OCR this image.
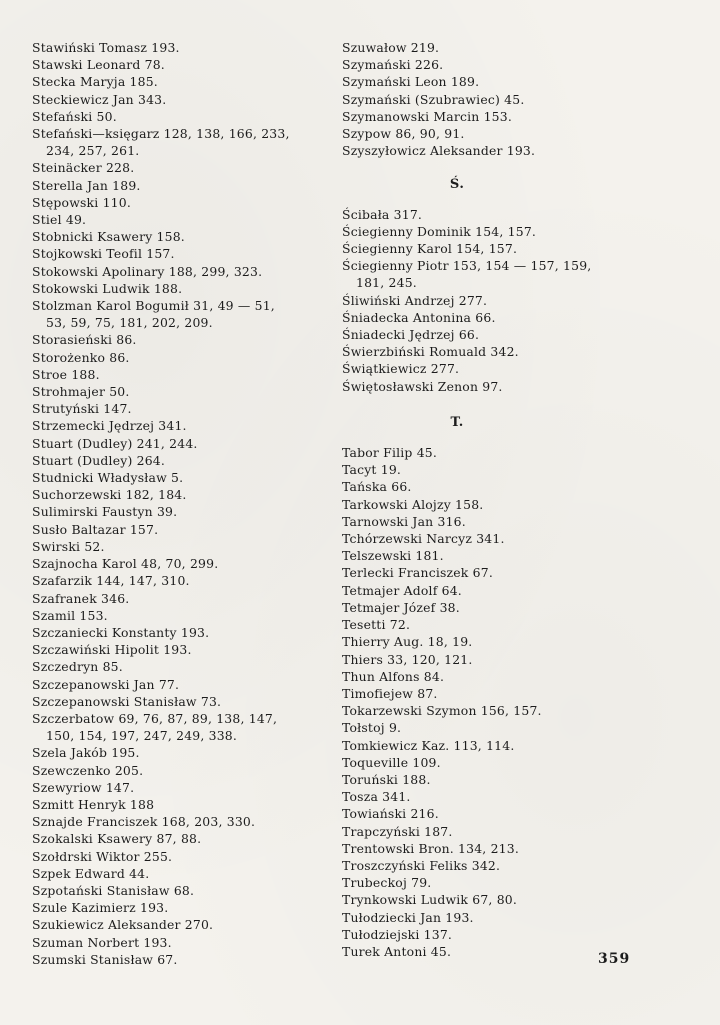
Stawiński Tomasz 193.
Stawski Leonard 78.
Stecka Maryja 185.
Steckiewicz Jan 343.
Stefański 50.
Stefański—księgarz 128, 138, 166, 233,
234, 257, 261.
Steinäcker 228.
Sterella Jan 189.
Stępowski 110.
Stiel 49.
Stobnicki Ksawery 158.
Stojkowski Teofil 157.
Stokowski Apolinary 188, 299, 323.
Stokowski Ludwik 188.
Stolzman Karol Bogumił 31, 49 — 51,
53, 59, 75, 181, 202, 209.
Storasieński 86.
Storożenko 86.
Stroe 188.
Strohmajer 50.
Strutyński 147.
Strzemecki Jędrzej 341.
Stuart (Dudley) 241, 244.
Stuart (Dudley) 264.
Studnicki Władysław 5.
Suchorzewski 182, 184.
Sulimirski Faustyn 39.
Susło Baltazar 157.
Swirski 52.
Szajnocha Karol 48, 70, 299.
Szafarzik 144, 147, 310.
Szafranek 346.
Szamil 153.
Szczaniecki Konstanty 193.
Szczawiński Hipolit 193.
Szczedryn 85.
Szczepanowski Jan 77.
Szczepanowski Stanisław 73.
Szczerbatow 69, 76, 87, 89, 138, 147,
150, 154, 197, 247, 249, 338.
Szela Jakób 195.
Szewczenko 205.
Szewyriow 147.
Szmitt Henryk 188
Sznajde Franciszek 168, 203, 330.
Szokalski Ksawery 87, 88.
Szołdrski Wiktor 255.
Szpek Edward 44.
Szpotański Stanisław 68.
Szule Kazimierz 193.
Szukiewicz Aleksander 270.
Szuman Norbert 193.
Szumski Stanisław 67.
Szuwałow 219.
Szymański 226.
Szymański Leon 189.
Szymański (Szubrawiec) 45.
Szymanowski Marcin 153.
Szypow 86, 90, 91.
Szyszyłowicz Aleksander 193.
Ś.
Ścibała 317.
Ściegienny Dominik 154, 157.
Ściegienny Karol 154, 157.
Ściegienny Piotr 153, 154 — 157, 159,
181, 245.
Śliwiński Andrzej 277.
Śniadecka Antonina 66.
Śniadecki Jędrzej 66.
Świerzbiński Romuald 342.
Świątkiewicz 277.
Świętosławski Zenon 97.
T.
Tabor Filip 45.
Tacyt 19.
Tańska 66.
Tarkowski Alojzy 158.
Tarnowski Jan 316.
Tchórzewski Narcyz 341.
Telszewski 181.
Terlecki Franciszek 67.
Tetmajer Adolf 64.
Tetmajer Józef 38.
Tesetti 72.
Thierry Aug. 18, 19.
Thiers 33, 120, 121.
Thun Alfons 84.
Timofiejew 87.
Tokarzewski Szymon 156, 157.
Tołstoj 9.
Tomkiewicz Kaz. 113, 114.
Toqueville 109.
Toruński 188.
Tosza 341.
Towiański 216.
Trapczyński 187.
Trentowski Bron. 134, 213.
Troszczyński Feliks 342.
Trubeckoj 79.
Trynkowski Ludwik 67, 80.
Tułodziecki Jan 193.
Tułodziejski 137.
Turek Antoni 45.	359
